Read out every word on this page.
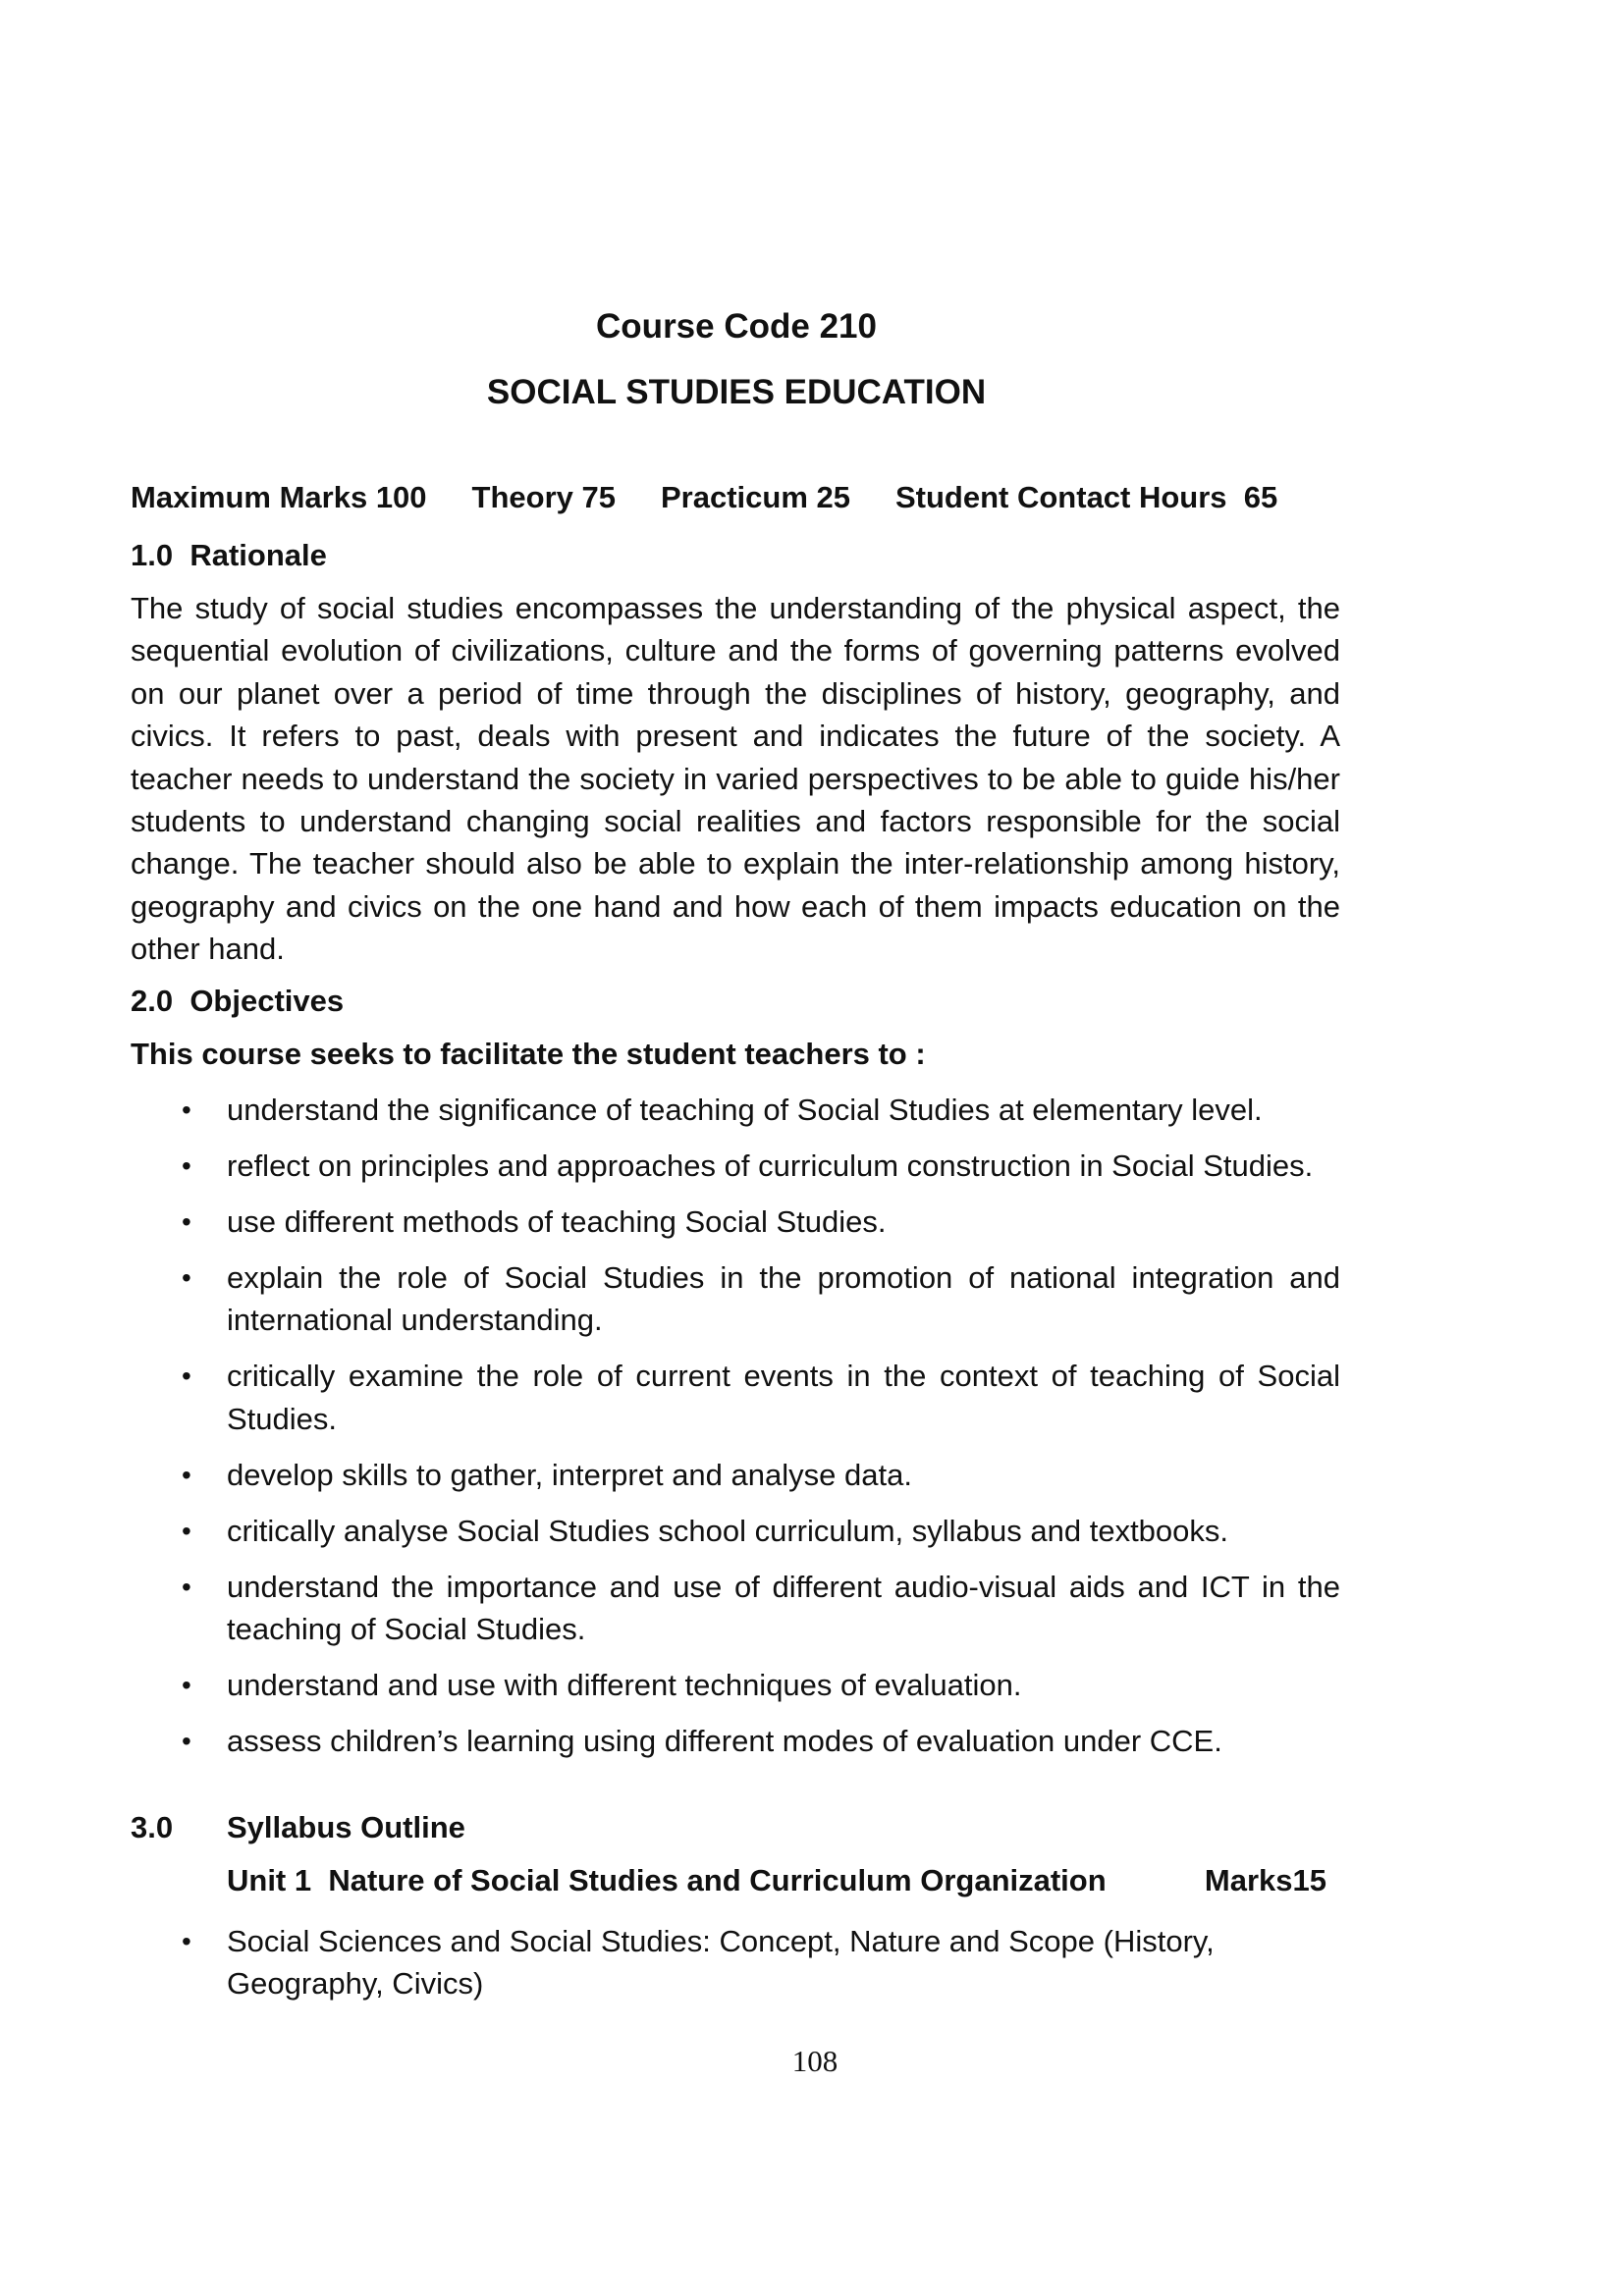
Course Code 210
SOCIAL STUDIES EDUCATION
Maximum Marks 100 Theory 75 Practicum 25 Student Contact Hours  65
1.0  Rationale
The study of social studies encompasses the understanding of the physical aspect, the sequential evolution of civilizations, culture and the forms of governing patterns evolved on our planet over a period of time through the disciplines of history, geography, and civics. It refers to past, deals with present and indicates the future of the society. A teacher needs to understand the society in varied perspectives to be able to guide his/her students to understand changing social realities and factors responsible for the social change. The teacher should also be able to explain the inter-relationship among history, geography and civics on the one hand and how each of them impacts education on the other hand.
2.0  Objectives
This course seeks to facilitate the student teachers to :
• understand the significance of teaching of Social Studies at elementary level.
• reflect on principles and approaches of curriculum construction in Social Studies.
• use different methods of teaching Social Studies.
• explain the role of Social Studies in the promotion of national integration and international understanding.
• critically examine the role of current events in the context of teaching of Social Studies.
• develop skills to gather, interpret and analyse data.
• critically analyse Social Studies school curriculum, syllabus and textbooks.
• understand the importance and use of different audio-visual aids and ICT in the teaching of Social Studies.
• understand and use with different techniques of evaluation.
• assess children’s learning using different modes of evaluation under CCE.
3.0 Syllabus Outline
Unit 1  Nature of Social Studies and Curriculum Organization	Marks15
• Social Sciences and Social Studies: Concept, Nature and Scope (History, Geography, Civics)
108
